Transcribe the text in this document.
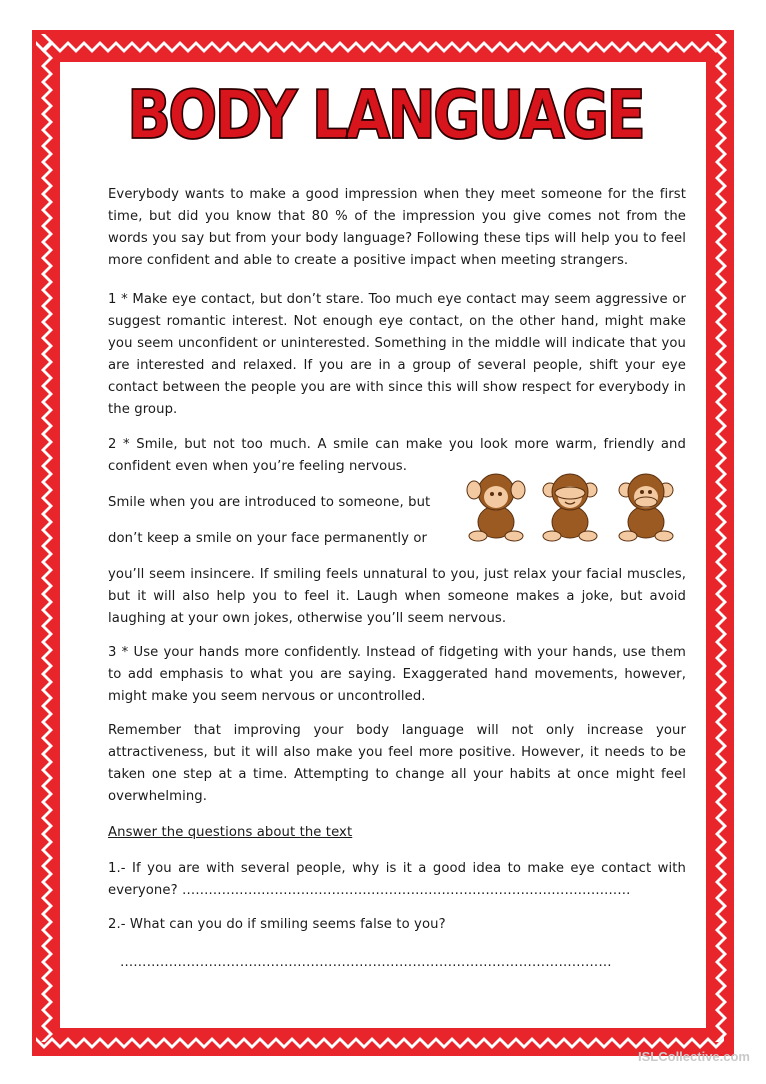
BODY LANGUAGE
Everybody wants to make a good impression when they meet someone for the first time, but did you know that 80 % of the impression you give comes not from the words you say but from your body language? Following these tips will help you to feel more confident and able to create a positive impact when meeting strangers.
1 * Make eye contact, but don’t stare. Too much eye contact may seem aggressive or suggest romantic interest. Not enough eye contact, on the other hand, might make you seem unconfident or uninterested. Something in the middle will indicate that you are interested and relaxed. If you are in a group of several people, shift your eye contact between the people you are with since this will show respect for everybody in the group.
2 * Smile, but not too much. A smile can make you look more warm, friendly and confident even when you’re feeling nervous.
Smile when you are introduced to someone, but
don’t keep a smile on your face permanently or
you’ll seem insincere. If smiling feels unnatural to you, just relax your facial muscles, but it will also help you to feel it. Laugh when someone makes a joke, but avoid laughing at your own jokes, otherwise you’ll seem nervous.
3 * Use your hands more confidently. Instead of fidgeting with your hands, use them to add emphasis to what you are saying. Exaggerated hand movements, however, might make you seem nervous or uncontrolled.
Remember that improving your body language will not only increase your attractiveness, but it will also make you feel more positive. However, it needs to be taken one step at a time. Attempting to change all your habits at once might feel overwhelming.
Answer the questions about the text
1.- If you are with several people, why is it a good idea to make eye contact with everyone? …………………………………………………………………………………………
2.- What can you do if smiling seems false to you?
…………………………………………………………………………………………………
ISLCollective.com
